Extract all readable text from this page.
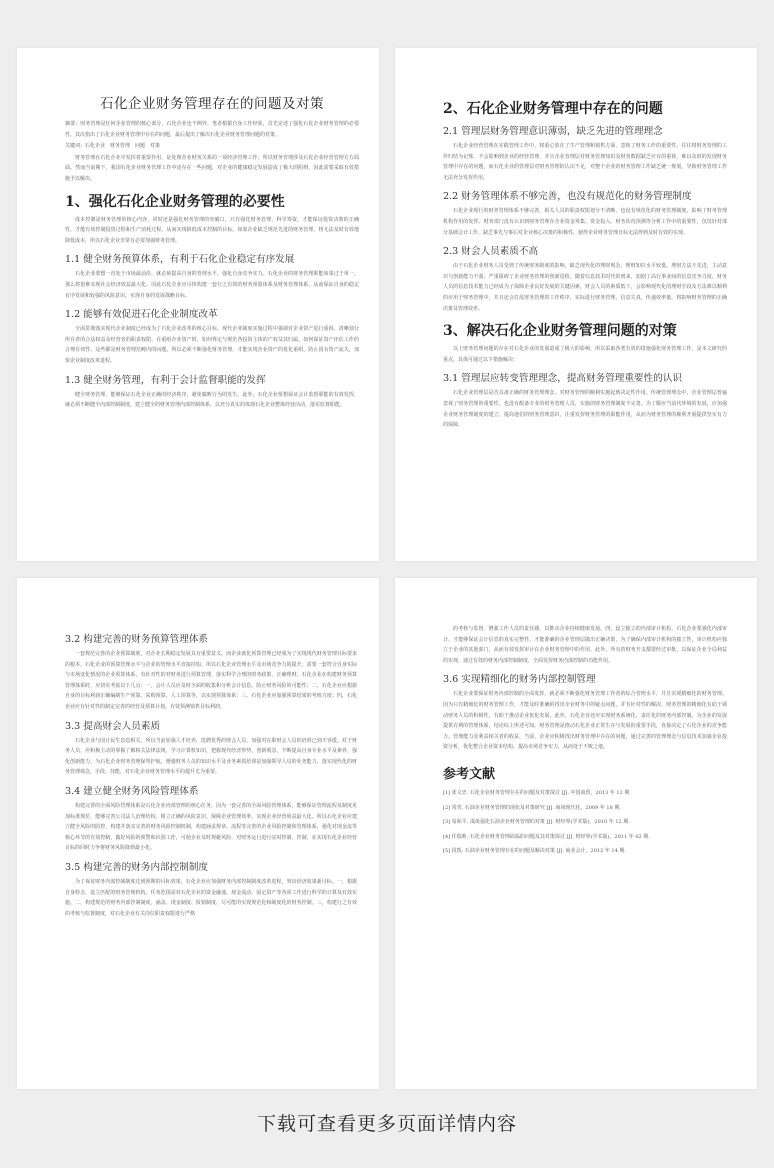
石化企业财务管理存在的问题及对策
摘要：财务管理是任何企业管理的核心部分，石化企业也不例外。笔者根据自身工作经验，首先论述了强化石化企业财务管理的必要性，其次指出了石化企业财务管理中存在的问题，最后提出了解决石化企业财务管理问题的对策。
关键词：石化企业　财务管理　问题　对策
财务管理在石化企业中发挥着重要作用，是处理企业财务关系的一项经济管理工作，所以财务管理涉及石化企业经营管理方方面面。然而当前期下，我国石化企业财务管理工作中还存在一些问题，对企业的健康稳定发展造成了极大的阻碍，因此需要采取有效措施予以解决。
1、强化石化企业财务管理的必要性
成本控制是财务管理的核心内容，同时还是强化财务管理的突破口，只有强化财务管理，科学筹资，才能保证投资决策的正确性，才能有效控制投资过程和生产消耗过程，从而实现降低成本控制的目标。如果企业缺乏规范先进的财务管理，将无法及时有效地降低成本，所以石化企业非常有必要加强财务管理。
1.1 健全财务预算体系，有利于石化企业稳定有序发展
石化企业要想一直处于市场最前沿，就必须提高自身的管理水平，强化自身竞争实力。石化企业的财务管理职能如果过于单一，那么将很难实现社会经济效益最大化。因此石化企业应尽快构建一套行之有效的财务预算体系及财务管理体系，从而保证自身的稳定有序发展和较强的风险意识，实现自身的发展战略目标。
1.2 能够有效促进石化企业制度改革
全面贯彻落实现代企业制度已经成为了石化企业改革的核心目标。现代企业制度实施过程中强调对企业资产进行重组，清晰划分所有者的合法权益及经营者的职责权限。在重组企业资产时，如何界定与规范各投资主体的产权及其归属，如何保证资产评估工作的合理有效性，这些都是财务管理范畴内的问题。所以必须不断强化财务管理，才能实现企业资产的优化重组，防止国有资产流失，加快企业制度改革进程。
1.3 健全财务管理，有利于会计监督职能的发挥
健全财务管理，能够保证石化企业正确的经济秩序，避免腐败行为的发生。此外，石化企业要想保证会计监督职能的有效发挥，就必须不断健全内部控制制度，建立健全的财务管理内部控制体系，以充分真实的体现石化企业整体经营活动，落实监督职能。
2、石化企业财务管理中存在的问题
2.1 管理层财务管理意识薄弱，缺乏先进的管理理念
石化企业经营管理在实践管理工作中，将重心放在了生产管理和销售方面，忽视了财务工作的重要性，往往将财务管理的工作归结为记账、不会影响到企业的经营管理，并且企业管理层对财务管理知识及财务数据缺乏应有的重视，难以及时的发现财务管理中存在的问题，而石化企业的管理层对财务管理的认识不足，对整个企业的财务管理工作缺乏统一规划，导致财务管理工作无法充分发挥作用。
2.2 财务管理体系不够完善，也没有规范化的财务管理制度
石化企业现行的财务管理体系不够完善，相关人员的职责权限划分不清晰，也没有规范化的财务管理制度，影响了财务管理机构作用的发挥。财务部门没有认识到财务管理在企业资金筹集、资金投入、财务状况预测等分析工作中的重要性，仅仅针对部分基础会计工作，缺乏事先与事后对企业核心决策的积极性，使得企业财务管理日标无法得到及时有效的实现。
2.3 财会人员素质不高
由于石化企业财务人员受到了传统财务制度的影响，缺乏现代化的理财观念，理财知识水平较低，理财方法不先进，主动意识与创新能力不强，严重阻碍了企业财务管理的创新进程。随着信息技术时代的到来，加剧了高行事业间的信息竞争力度，财务人员的信息技术能力已经成为了保障企业良好发展的关键因素，财会人员的素质低下，会影响现代化的理财手段及方法难以顺利的应用于财务管理中，并且还会打乱财务管理的工作秩序，实际进行财务管理，信息失真，传递效率低，将影响财务管理的正确决策及管理效率。
3、解决石化企业财务管理问题的对策
以上财务管理问题的存在对石化企业的发展造成了极大的影响，所以采取各类有效的措施强化财务管理工作，是本文研究的重点，具体可通过以下措施解决：
3.1 管理层应转变管理理念，提高财务管理重要性的认识
石化企业管理层是否具备正确的财务管理理念，对财务管理的顺利实施起到决定性作用。传统管理理念中，企业管理层普遍忽视了财务管理的重要性，也没有配备专业的财务管理人员，实施的财务管理制度不完善。为了顺应当前代环境的发展，应加强企业财务管理制度的建立，提高他们的财务管理意识，注重发挥财务管理的职能作用，从而为财务管理的顺利开展提供坚实有力的保障。
3.2 构建完善的财务预算管理体系
一套规范完善的企业预算制度，对企业长期稳定发展具有重要意义。而企业就化预算管理已经成为了实现现代财务管理目标要求的根本，石化企业的预算管理水平与企业的管理水平直接挂钩，所以石化企业管理水平及市场竞争力的提升，需要一套符合自身实际与市场变化情况的企业预算体系，有针对性的对财务进行预算管理，落实科学合理的财务政策，正确理财。石化企业在构建财务预算管理体系时，应切实考虑以下几点：一，会计人员应及时全面的收集和分析会计信息，防止财务风险的可能性；二，石化企业应根据自身的目标利润正确编制生产预算、采购预算、人工预算等，以实现预算体系；三，石化企业应加强预算结果的考核力度；四，石化企业应有针对性的制定完善的经营及预算计划，有效预测销售目标利润。
3.3 提高财会人员素质
石化企业与国计民生息息相关，所以当前加强人才培养，选聘优秀的财会人员，加强对在职财会人员的培训已刻不容缓。对于财务人员，应积极主动的掌握了解相关法律法规，学习计算机知识，把握现代经济形势，创新观念，不断提高自身专业水平及素养，强化创新能力，为石化企业财务管理保驾护航。增强财务人员的知识水平及业务素质培训是加强领导人员的业务能力，落实现代化的财务管理观念，手段，技能，对石化企业财务管理水平的提升尤为重要。
3.4 建立健全财务风险管理体系
构建完善的全面风险管理体系是石化企业内部管理的核心任务，因为一套完善的全面风险管理体系，能够保证管理流程及制度更加标准规范，能够完善公司法人治理结构，树立正确的风险意识，保障企业管理效率，实现企业经营效益最大化。所以石化企业应建立健全风险的防控，构建并落实完善的财务风险控制机制，构建涵盖规章、流程等完善的企业风险控制和管理体系，强化对现金流等核心环节的有效控制，做好风险的预警和识别工作，可使企业及时规避风险，对财务运行进行实时控制、控制，在实现石化企业经营目标的同时力争将财务风险降到最小化。
3.5 构建完善的财务内部控制制度
为了保证财务内部控制制度达到预期的目标效果，石化企业应加强财务内部控制制度改革进程，突出经济效果新目标。一，根据自身特点，设立匹配的财务管理机构，任务范围是对石化企业的资金融通、现金流动、固定资产等各项工作进行科学的计算及有效实施。二，构建规范的财务内部控制制度，涵盖、现金制度、报销制度、尽可能的实现规范化和制度化的财务控制。三，构建行之有效的考核与监督制度，对石化企业有关岗位职责权限进行严格
的考核与监督，增强工作人员的责任感，以推动企业持续健康发展。四，设立独立的内部审计机构，石化企业要强化内部审计，才能够保证会计信息的真实完整性，才能准确的企业管理层做出正确决策，为了确保内部审计机构的独立性，审计机构应独立于企业的其他部门，从而有效发挥审计在企业财务管理中的作用。此外，所有的财务开支都要经过审批，以保证企业全局利益的实现，通过有效的财务内部控制制度，全面发挥财务内部控制的功能作用。
3.6 实现精细化的财务内部控制管理
石化企业要保证财务内部控制的全面发挥，就必须不断强化财务管理工作者的综合管理水平，并且实现精细化的财务管理。因为只有精细化的财务管理工作，才能及时准确的找出企业财务中的疑点问题，并有针对性的解决，财务管理的精细化有助于调动财务人员的积极性，有助于推动企业优化发展，此外，石化企业还应实现财务系统化、责任化的财务内部控制。为企业的发展提供有利的管理体系，结论综上所述可知，财务管理是推动石化企业正常生存与发展的重要手段，直接决定了石化企业的竞争能力。管理能力及利益相关者的收益，当前，企业应积极找出财务管理中存在的问题，通过完善的管理理念与信息技术加强企业投资分析，优化整合企业资本结构，提高市场竞争实力，从而处于不败之地。
参考文献
[1] 张文忠. 石化企业财务管理存在的问题及对策探讨 [J]. 中国商贸，2013 年 12 期.
[2] 常青. 石油企业财务管理的现状及对策研究 [J]. 商场现代化，2009 年 18 期.
[3] 易和平. 浅谈强化石油企业财务管理的对策 [J]. 财经界(学术版)，2010 年 12 期.
[4] 任瑞莉. 石化企业财务管理面临的问题及其对策探讨 [J]. 财经界(学术版)，2011 年 02 期.
[5] 段凯. 石油企业财务管理存在的问题及解决对策 [J]. 商业会计，2012 年 14 期.
下载可查看更多页面详情内容
